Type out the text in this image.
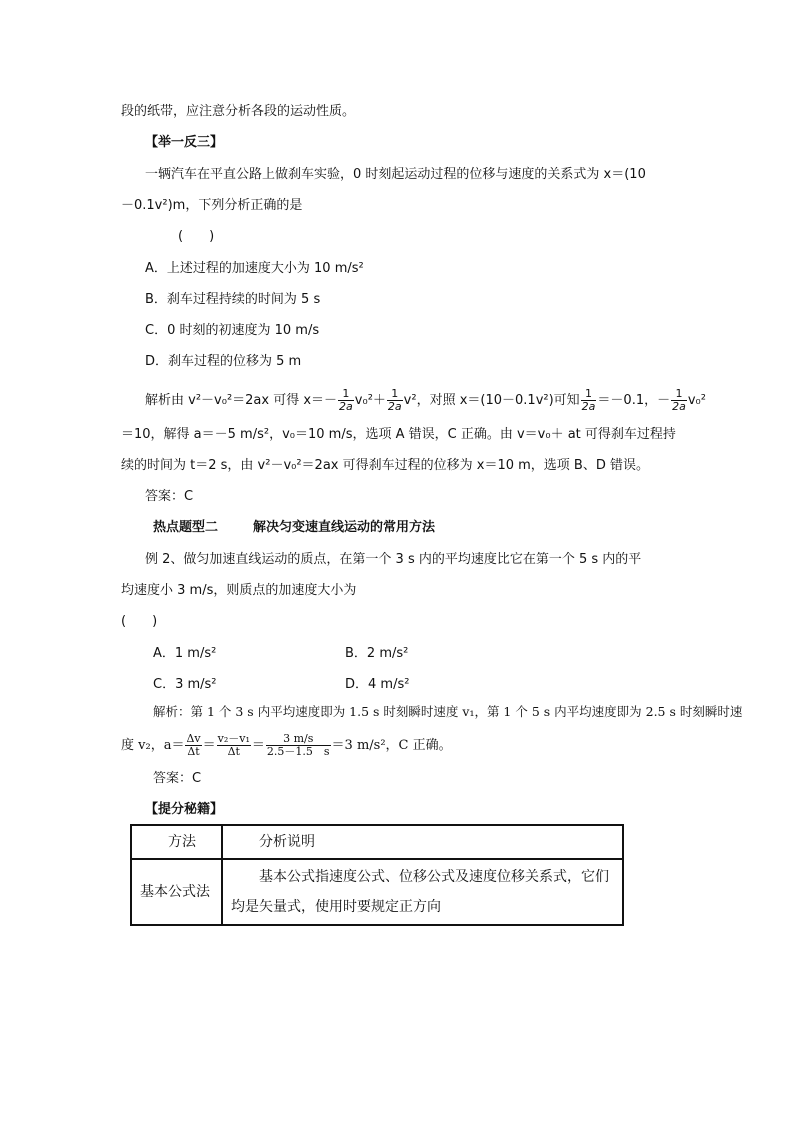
段的纸带，应注意分析各段的运动性质。
【举一反三】
一辆汽车在平直公路上做刹车实验，0 时刻起运动过程的位移与速度的关系式为 x＝(10
－0.1v²)m，下列分析正确的是
(　　)
A．上述过程的加速度大小为 10 m/s²
B．刹车过程持续的时间为 5 s
C．0 时刻的初速度为 10 m/s
D．刹车过程的位移为 5 m
解析由 v²－v₀²＝2ax 可得 $x=- \frac{1}{2a} v_0^2+ \frac{1}{2a} v^2$，对照 x＝(10－0.1v²)可知 $\frac{1}{2a} =-0.1$，－ $\frac{1}{2a} v_0^2$
＝10，解得 a＝－5 m/s²，v₀＝10 m/s，选项 A 错误，C 正确。由 v＝v₀＋ at 可得刹车过程持
续的时间为 t＝2 s，由 v²－v₀²＝2ax 可得刹车过程的位移为 x＝10 m，选项 B、D 错误。
答案：C
热点题型二	解决匀变速直线运动的常用方法
例 2、做匀加速直线运动的质点，在第一个 3 s 内的平均速度比它在第一个 5 s 内的平
均速度小 3 m/s，则质点的加速度大小为
(　　)
A．1 m/s²	B．2 m/s²
C．3 m/s²	D．4 m/s²
解析：第 1 个 3 s 内平均速度即为 1.5 s 时刻瞬时速度 v₁，第 1 个 5 s 内平均速度即为 2.5 s 时刻瞬时速
度 v₂，$a= \frac{\Delta v}{\Delta t} = \frac{\text{v₂－v₁}}{\Delta t} = \frac{3 m/s}{2.5-1.5 s} =3$ m/s²，C 正确。
答案：C
【提分秘籍】
方法	分析说明
基本公式法	基本公式指速度公式、位移公式及速度位移关系式，它们均是矢量式，使用时要规定正方向
